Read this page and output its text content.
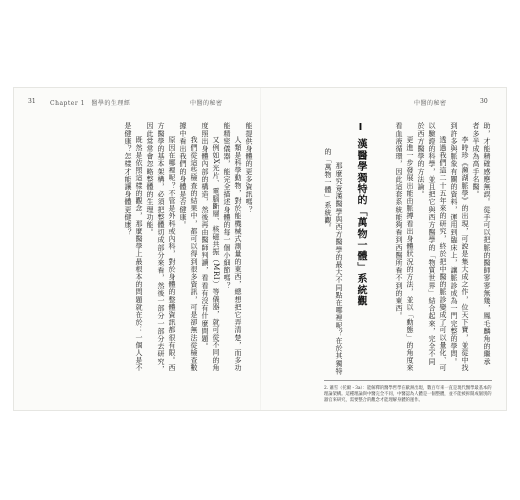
31 Chapter 1　醫學的生理經	中醫的秘密

能提供身體的更多資訊嗎？

人類是科學動物，對於能機械式測量的東西，總想把它弄清楚，而多功能精密儀器，能完全描述身體的每一個小細節嗎？

又例如X光片、電腦斷層、核磁共振（MRI）等儀器，就可從不同的角度照出身體內部的構造，然後再由醫師判讀，看看有沒有什麼問題。

我們從這些檢查的結果中，都可以得到很多資訊，可是卻無法從檢查數據中看出我們的身體是否健康。

原因在哪裡呢？不管是外科或內科，對於身體的整體資訊都很有限。西方醫學的基本架構，必須把整體切成部分來看，然後一部分一部分去研究，因此常常會忽略整體的生理功能。

既然是依照這樣的觀念，那麼醫學上最根本的問題就在於：一個人是不是健康？怎樣才能讓身體更健康？

中醫的秘密	30

助，才能精確感應無誤。從手可以把脈的醫師寥寥無幾，鳳毛麟角的繼承者多半成為高手名醫。

李時珍《瀕湖脈學》的出現，可說是集大成之作，位天下寶，並從中找到許多與脈象有關的資料，運用到臨床上，讓脈診成為一門完整的學問。

透過我們這二十五年來的研究，終於把中醫的脈診變成了可以量化、可以驗證的科學，並且把它與西方醫學的「物質世界」結合起來，完全不同於西方醫學的方法論。

更進一步發展出能由脈搏看出身體狀況的方法，並以「動態」的角度來看血液循環，因此這套系統能夠看到西醫所看不到的東西。

Ⅰ 漢醫學獨特的「萬物一體」系統觀

那麼究竟漢醫學與西方醫學的最大不同點在哪裡呢？在於其獨特的「萬物一體」系統觀。

2. 蕭雪（托爾・3a）：能解釋的醫學哲學在歐洲出現，數百年來一直是現代醫學最基本的理論架構。這種理論與中醫完全不同，中醫認為人體是一個整體，並不能被拆開成個別的器官來研究，需要整合的觀念才能理解身體的運作。
